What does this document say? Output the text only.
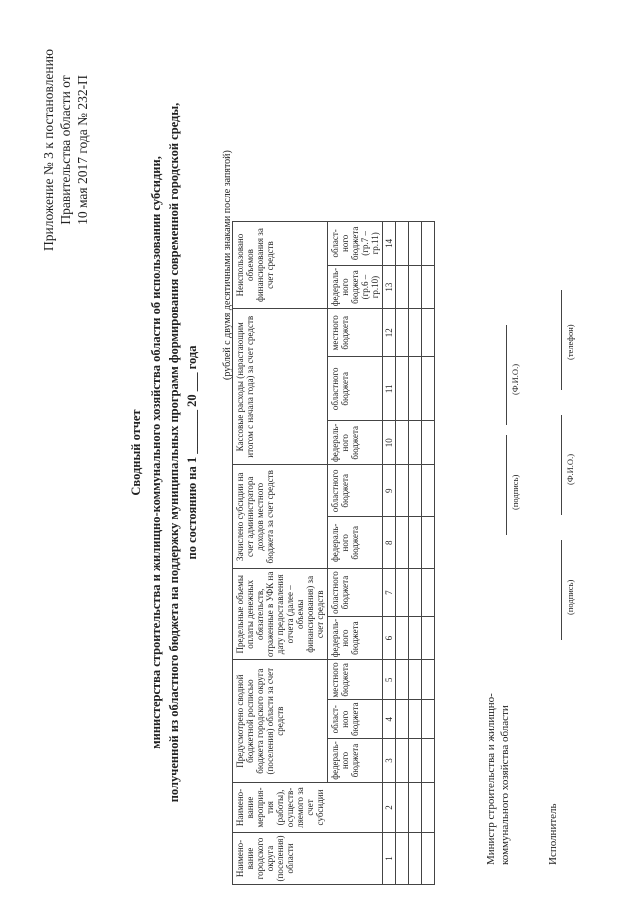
Приложение № 3 к постановлению Правительства области от 10 мая 2017 года № 232-П
Сводный отчет министерства строительства и жилищно-коммунального хозяйства области об использовании субсидии, полученной из областного бюджета на поддержку муниципальных программ формирования современной городской среды, по состоянию на 1 _______ 20 ___ года
(рублей с двумя десятичными знаками после запятой)
Наимено-вание городского округа (поселения) области	Наимено-вание мероприя-тия (работы), осуществ-ляемого за счет субсидии	Предусмотрено сводной бюджетной росписью бюджета городского округа (поселения) области за счет средств			Предельные объемы оплаты денежных обязательств, отраженные в УФК на дату предоставления отчета (далее – объемы финансирования) за счет средств		Зачислено субсидии на счет администратора доходов местного бюджета за счет средств		Кассовые расходы (нарастающим итогом с начала года) за счет средств			Неиспользовано объемов финансирования за счет средств	
		федераль-ного бюджета	област-ного бюджета	местного бюджета	федераль-ного бюджета	областного бюджета	федераль-ного бюджета	областного бюджета	федераль-ного бюджета	областного бюджета	местного бюджета	федераль-ного бюджета (гр.6 – гр.10)	област-ного бюджета (гр.7 – гр.11)
1	2	3	4	5	6	7	8	9	10	11	12	13	14

Министр строительства и жилищно- коммунального хозяйства области
(подпись)
(Ф.И.О.)
Исполнитель
(подпись)
(Ф.И.О.)
(телефон)
